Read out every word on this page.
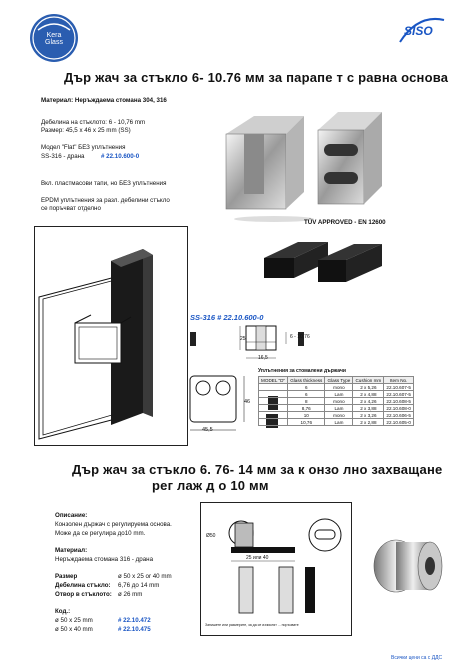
Kera Glass
SISO
Дър жач за стъкло 6- 10.76 мм за парапе т с равна основа
Материал: Неръждаема стомана 304, 316
Дебелина на стъклото: 6 - 10,76 mm
Размер: 45,5 x 46 x 25 mm (SS)
Модел "Flat" БЕЗ уплътнения
SS-316 - драна	# 22.10.600-0
Вкл. пластмасови тапи, но БЕЗ уплътнения
EPDM уплътнения за разл. дебелини стъкло
се поръчват отделно
TÜV APPROVED - EN 12600
SS-316 # 22.10.600-0
25
16,5
6 - 10,76
46
45,5
Уплътнения за стомалени държачи
MODEL "D"	Glass thickness	Glass Type	Cushion mm	Item No.
	6	mono	2 x 5,26	22.10.607-5
	6	Lam	2 x 4,88	22.10.607-5
	8	mono	2 x 4,26	22.10.608-5
	8,76	Lam	2 x 3,88	22.10.608-0
	10	mono	2 x 3,26	22.10.606-5
	10,76	Lam	2 x 2,88	22.10.605-0
Дър жач за стъкло 6. 76- 14 мм за к онзо лно захващане
рег лаж д о 10 мм
Описание:
Конзолен държач с регулируема основа.
Може да се регулира до10 mm.
Материал:
Неръждаема стомана 316 - драна
Размер	ø 50 x 25 or 40 mm
Дебелина стъкло: 6,76 до 14 mm
Отвор в стъклото: ø 26 mm
Код.:
ø 50 x 25 mm	# 22.10.472
ø 50 x 40 mm	# 22.10.475
Запишете или размерите, за да се изчислят ... поръчвате
Ø50
25 или 40
Всички цени са с ДДС
